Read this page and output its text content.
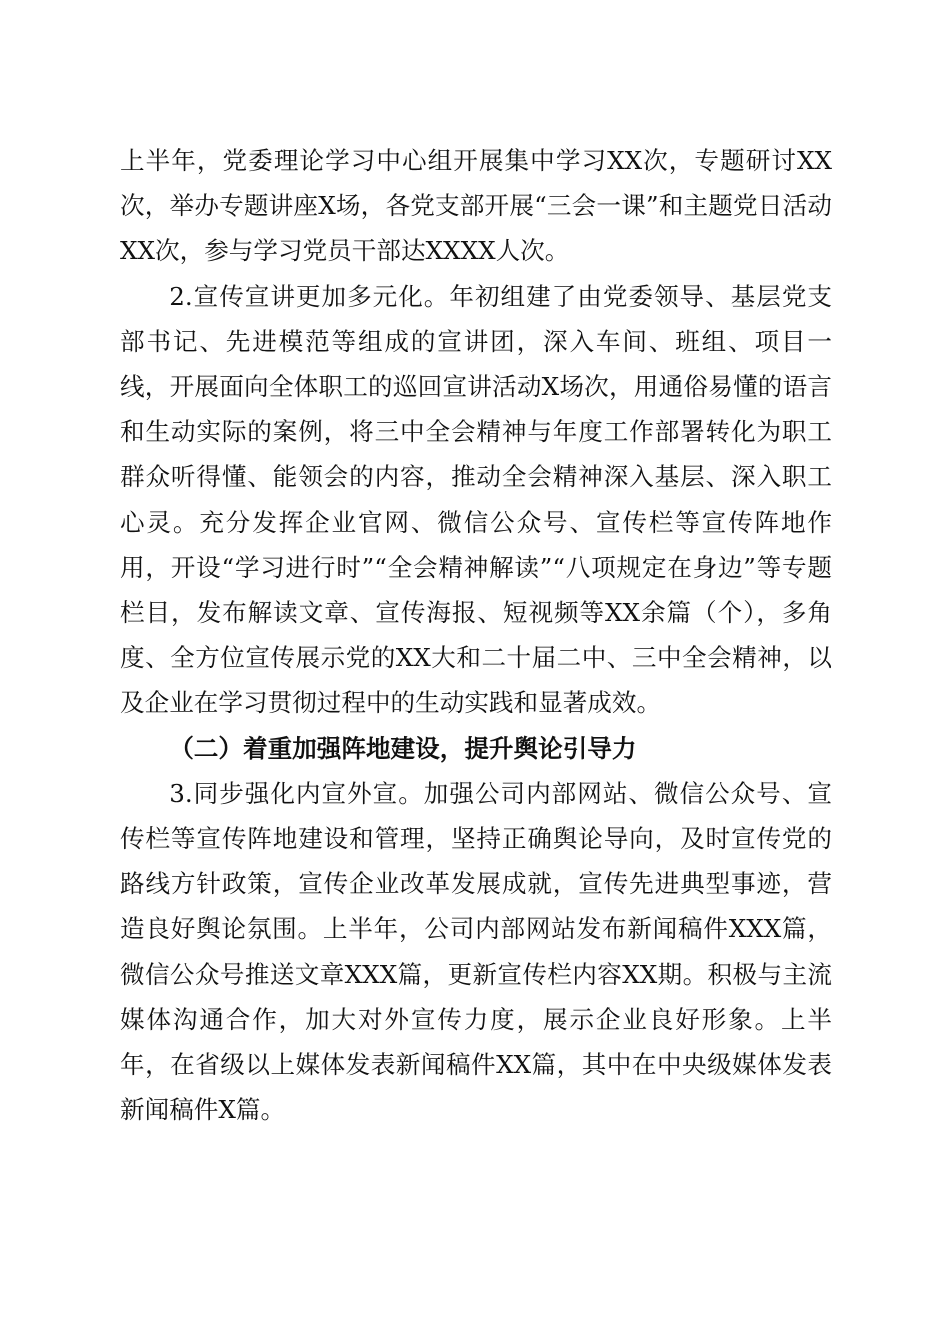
上半年，党委理论学习中心组开展集中学习XX次，专题研讨XX次，举办专题讲座X场，各党支部开展“三会一课”和主题党日活动XX次，参与学习党员干部达XXXX人次。

2.宣传宣讲更加多元化。年初组建了由党委领导、基层党支部书记、先进模范等组成的宣讲团，深入车间、班组、项目一线，开展面向全体职工的巡回宣讲活动X场次，用通俗易懂的语言和生动实际的案例，将三中全会精神与年度工作部署转化为职工群众听得懂、能领会的内容，推动全会精神深入基层、深入职工心灵。充分发挥企业官网、微信公众号、宣传栏等宣传阵地作用，开设“学习进行时”“全会精神解读”“八项规定在身边”等专题栏目，发布解读文章、宣传海报、短视频等XX余篇（个），多角度、全方位宣传展示党的XX大和二十届二中、三中全会精神，以及企业在学习贯彻过程中的生动实践和显著成效。

（二）着重加强阵地建设，提升舆论引导力

3.同步强化内宣外宣。加强公司内部网站、微信公众号、宣传栏等宣传阵地建设和管理，坚持正确舆论导向，及时宣传党的路线方针政策，宣传企业改革发展成就，宣传先进典型事迹，营造良好舆论氛围。上半年，公司内部网站发布新闻稿件XXX篇，微信公众号推送文章XXX篇，更新宣传栏内容XX期。积极与主流媒体沟通合作，加大对外宣传力度，展示企业良好形象。上半年，在省级以上媒体发表新闻稿件XX篇，其中在中央级媒体发表新闻稿件X篇。
